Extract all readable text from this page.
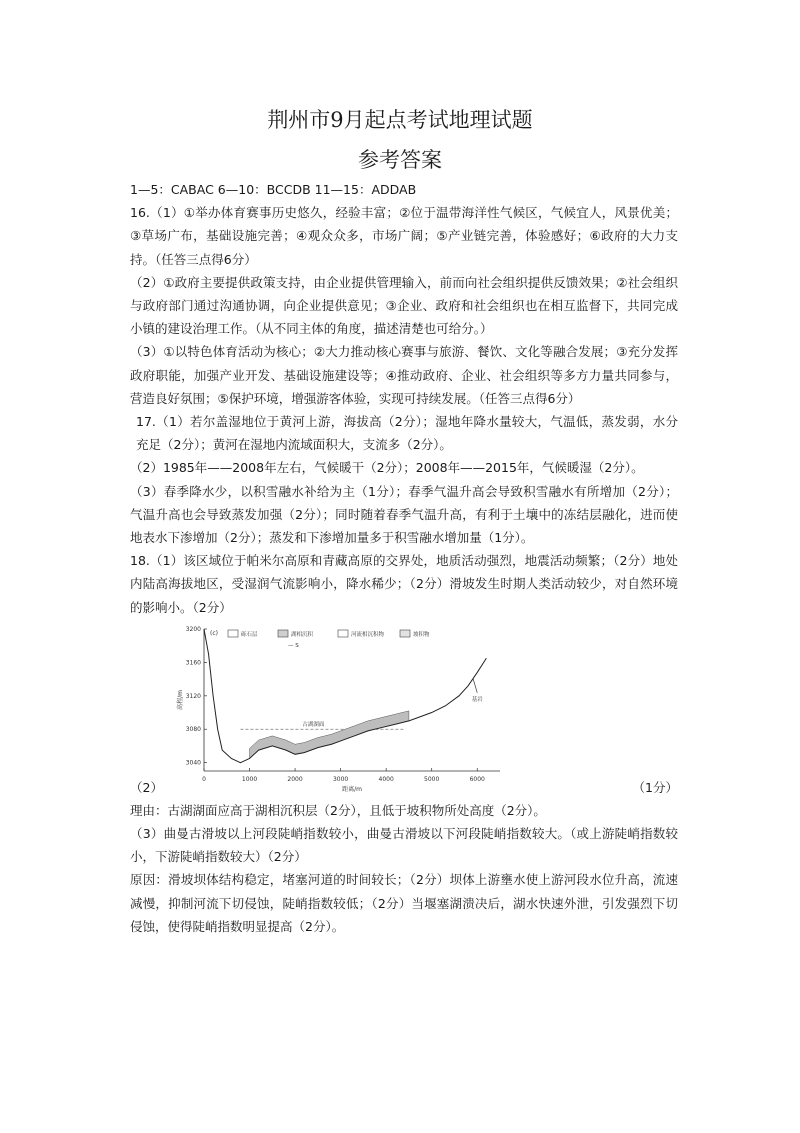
荆州市9月起点考试地理试题
参考答案

1—5：CABAC 6—10：BCCDB 11—15：ADDAB

16.（1）①举办体育赛事历史悠久，经验丰富；②位于温带海洋性气候区，气候宜人，风景优美；③草场广布，基础设施完善；④观众众多，市场广阔；⑤产业链完善，体验感好；⑥政府的大力支持。（任答三点得6分）

（2）①政府主要提供政策支持，由企业提供管理输入，前而向社会组织提供反馈效果；②社会组织与政府部门通过沟通协调，向企业提供意见；③企业、政府和社会组织也在相互监督下，共同完成小镇的建设治理工作。（从不同主体的角度，描述清楚也可给分。）

（3）①以特色体育活动为核心；②大力推动核心赛事与旅游、餐饮、文化等融合发展；③充分发挥政府职能，加强产业开发、基础设施建设等；④推动政府、企业、社会组织等多方力量共同参与，营造良好氛围；⑤保护环境，增强游客体验，实现可持续发展。（任答三点得6分）

17.（1）若尔盖湿地位于黄河上游，海拔高（2分）；湿地年降水量较大，气温低，蒸发弱，水分充足（2分）；黄河在湿地内流域面积大，支流多（2分）。

（2）1985年——2008年左右，气候暖干（2分）；2008年——2015年，气候暖湿（2分）。

（3）春季降水少，以积雪融水补给为主（1分）；春季气温升高会导致积雪融水有所增加（2分）；气温升高也会导致蒸发加强（2分）；同时随着春季气温升高，有利于土壤中的冻结层融化，进而使地表水下渗增加（2分）；蒸发和下渗增加量多于积雪融水增加量（1分）。

18.（1）该区域位于帕米尔高原和青藏高原的交界处，地质活动强烈，地震活动频繁；（2分）地处内陆高海拔地区，受湿润气流影响小，降水稀少；（2分）滑坡发生时期人类活动较少，对自然环境的影响小。（2分）

（2）
0	1000	2000	3000	4000	5000	6000
3040
3080
3120
3160
3200
高程/m
距离/m
(c)	砾石层	湖相沉积	河流相沉积物	坡积物
— S
古湖湖面
基岩
（1分）

理由：古湖湖面应高于湖相沉积层（2分），且低于坡积物所处高度（2分）。

（3）曲曼古滑坡以上河段陡峭指数较小，曲曼古滑坡以下河段陡峭指数较大。（或上游陡峭指数较小，下游陡峭指数较大）（2分）

原因：滑坡坝体结构稳定，堵塞河道的时间较长；（2分）坝体上游壅水使上游河段水位升高，流速减慢，抑制河流下切侵蚀，陡峭指数较低；（2分）当堰塞湖溃决后，湖水快速外泄，引发强烈下切侵蚀，使得陡峭指数明显提高（2分）。
